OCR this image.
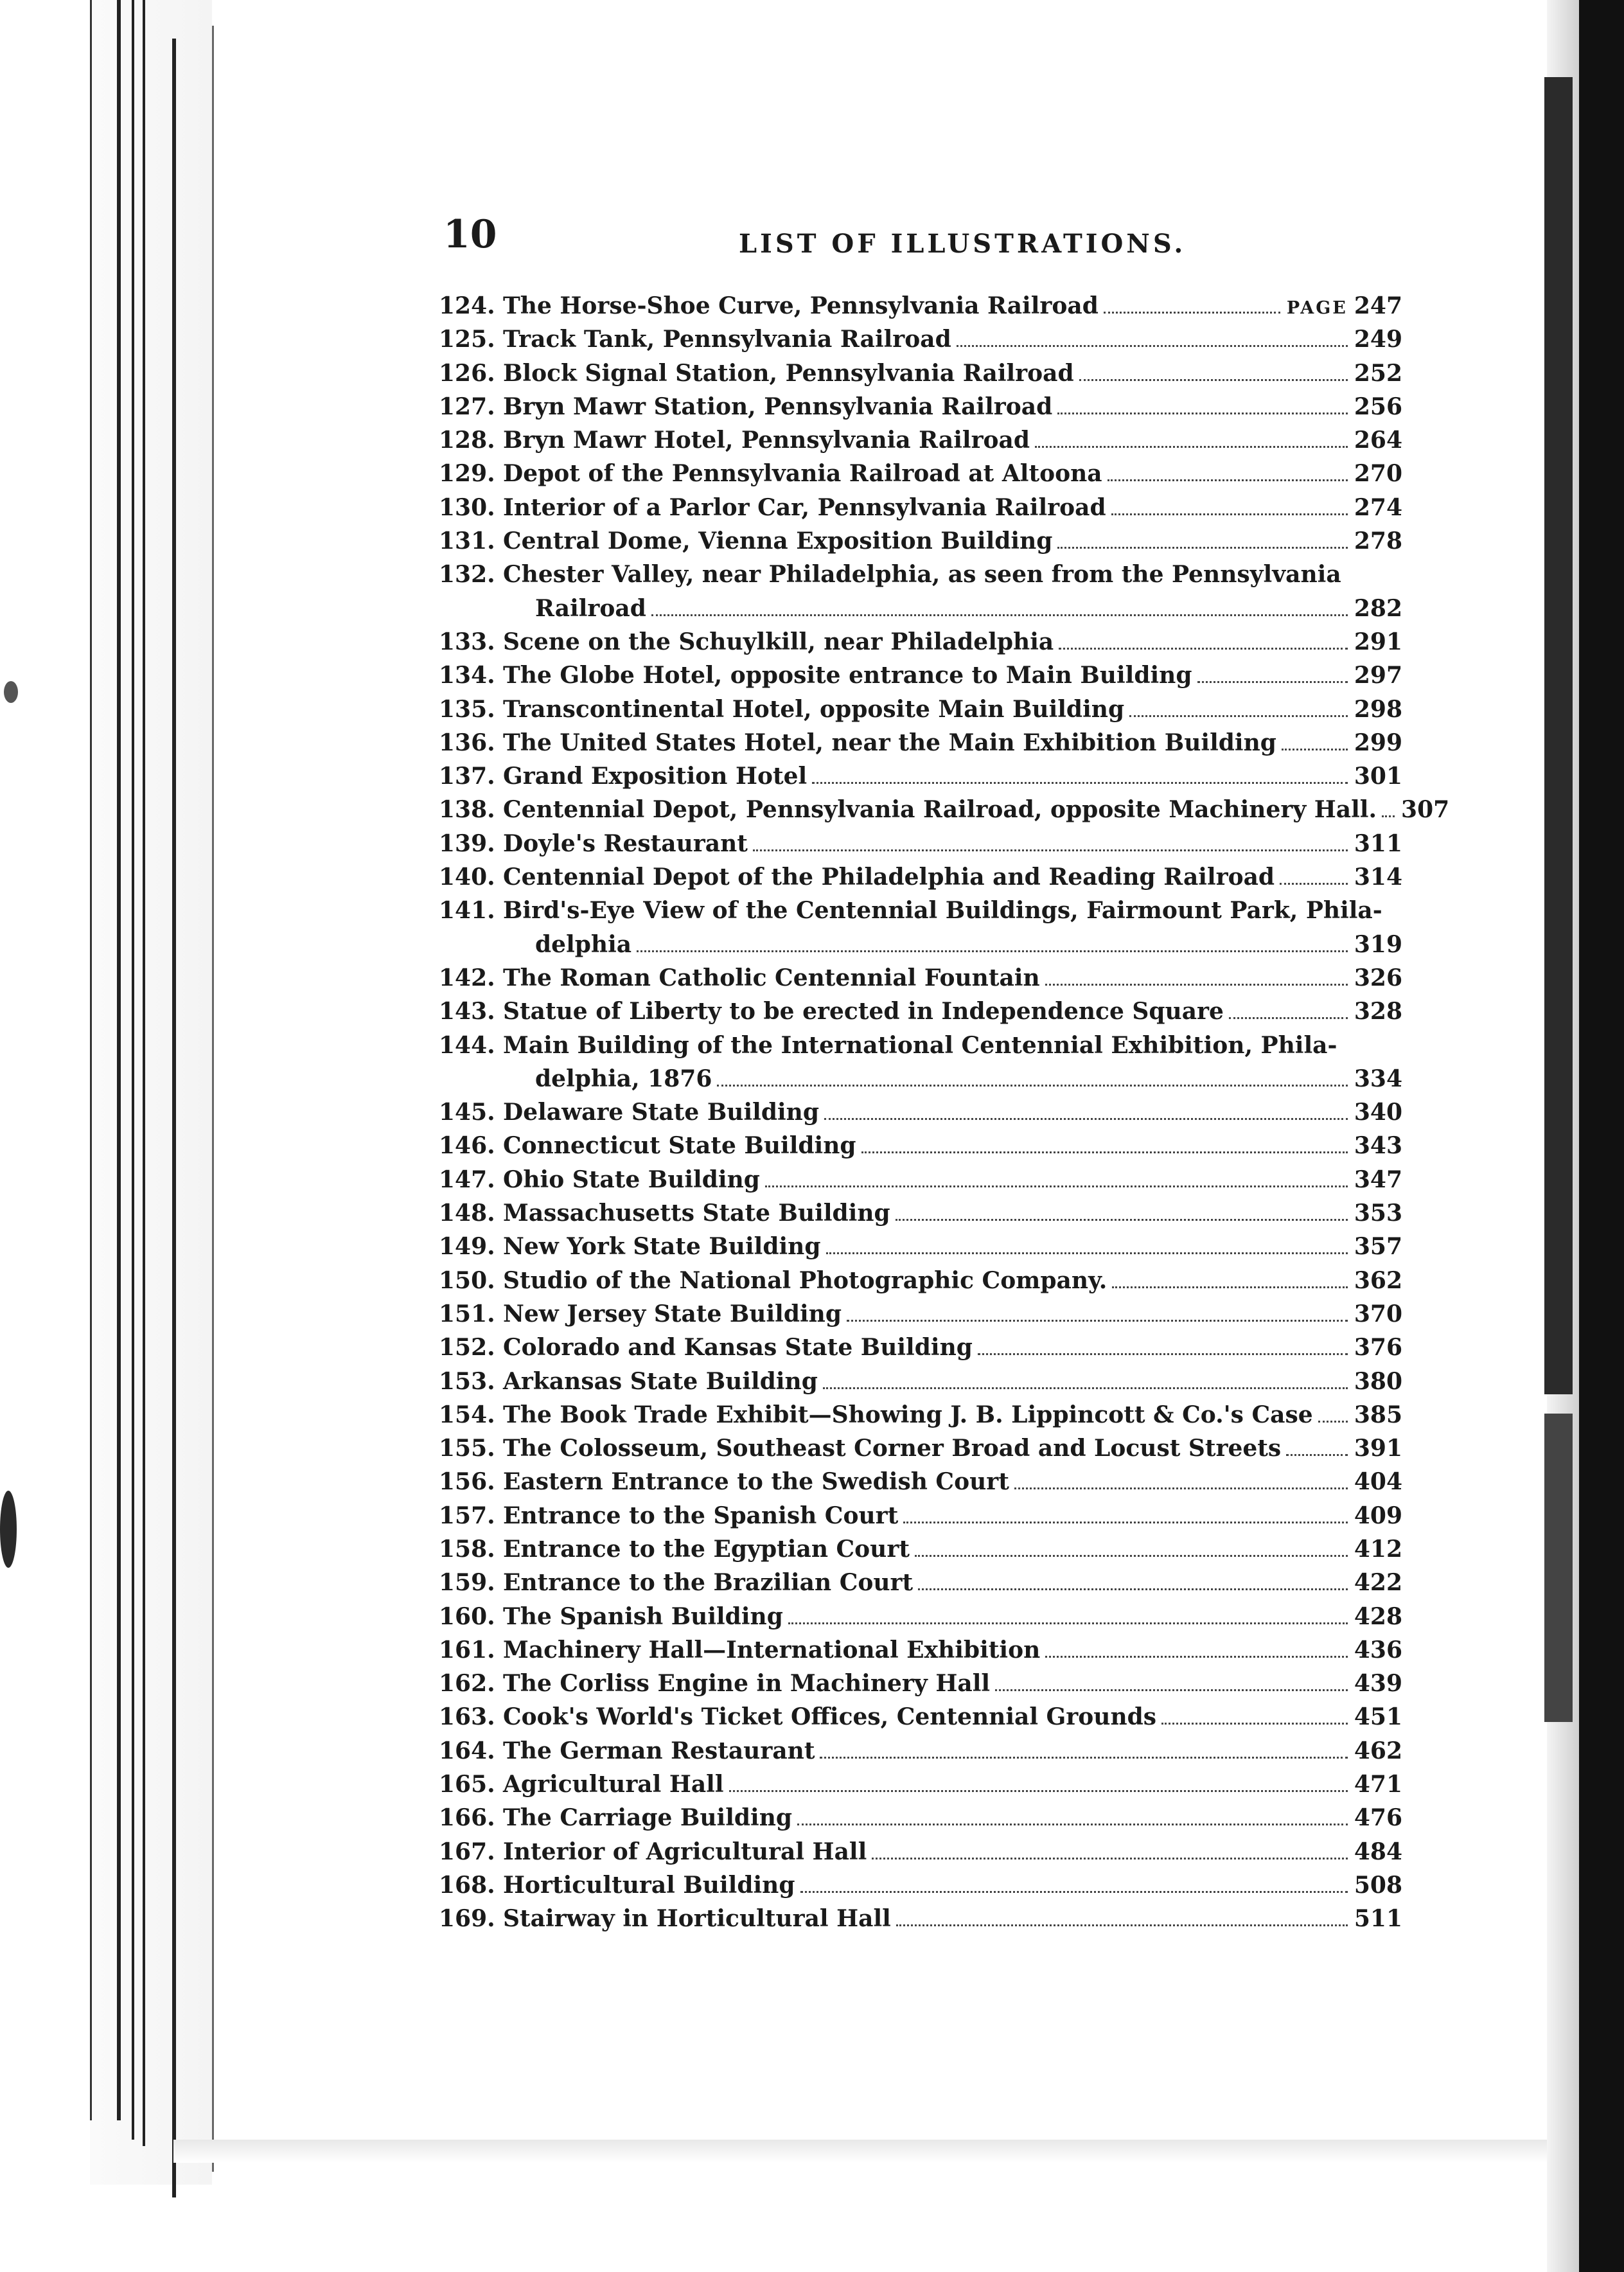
10	LIST OF ILLUSTRATIONS.
124. The Horse-Shoe Curve, Pennsylvania Railroad	PAGE 247
125. Track Tank, Pennsylvania Railroad	249
126. Block Signal Station, Pennsylvania Railroad	252
127. Bryn Mawr Station, Pennsylvania Railroad	256
128. Bryn Mawr Hotel, Pennsylvania Railroad	264
129. Depot of the Pennsylvania Railroad at Altoona	270
130. Interior of a Parlor Car, Pennsylvania Railroad	274
131. Central Dome, Vienna Exposition Building	278
132. Chester Valley, near Philadelphia, as seen from the Pennsylvania
Railroad	282
133. Scene on the Schuylkill, near Philadelphia	291
134. The Globe Hotel, opposite entrance to Main Building	297
135. Transcontinental Hotel, opposite Main Building	298
136. The United States Hotel, near the Main Exhibition Building	299
137. Grand Exposition Hotel	301
138. Centennial Depot, Pennsylvania Railroad, opposite Machinery Hall. 307
139. Doyle's Restaurant	311
140. Centennial Depot of the Philadelphia and Reading Railroad	314
141. Bird's-Eye View of the Centennial Buildings, Fairmount Park, Phila-
delphia	319
142. The Roman Catholic Centennial Fountain	326
143. Statue of Liberty to be erected in Independence Square	328
144. Main Building of the International Centennial Exhibition, Phila-
delphia, 1876	334
145. Delaware State Building	340
146. Connecticut State Building	343
147. Ohio State Building	347
148. Massachusetts State Building	353
149. New York State Building	357
150. Studio of the National Photographic Company.	362
151. New Jersey State Building	370
152. Colorado and Kansas State Building	376
153. Arkansas State Building	380
154. The Book Trade Exhibit—Showing J. B. Lippincott & Co.'s Case 385
155. The Colosseum, Southeast Corner Broad and Locust Streets	391
156. Eastern Entrance to the Swedish Court	404
157. Entrance to the Spanish Court	409
158. Entrance to the Egyptian Court	412
159. Entrance to the Brazilian Court	422
160. The Spanish Building	428
161. Machinery Hall—International Exhibition	436
162. The Corliss Engine in Machinery Hall	439
163. Cook's World's Ticket Offices, Centennial Grounds	451
164. The German Restaurant	462
165. Agricultural Hall	471
166. The Carriage Building	476
167. Interior of Agricultural Hall	484
168. Horticultural Building	508
169. Stairway in Horticultural Hall	511
